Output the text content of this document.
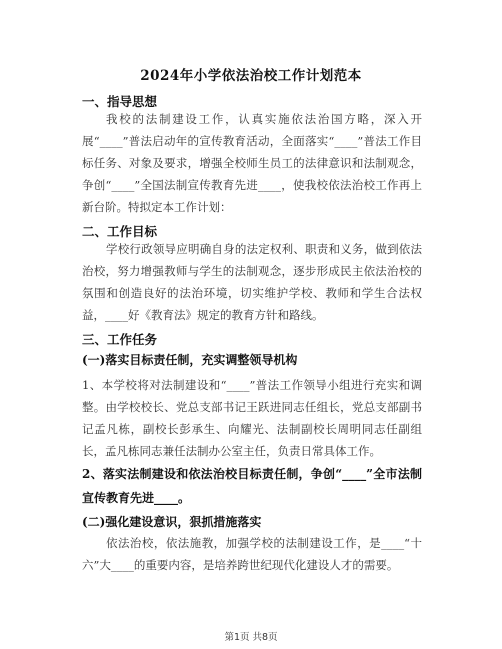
2024年小学依法治校工作计划范本
一、指导思想
我校的法制建设工作，认真实施依法治国方略，深入开展“____”普法启动年的宣传教育活动，全面落实“____”普法工作目标任务、对象及要求，增强全校师生员工的法律意识和法制观念，争创“____”全国法制宣传教育先进____，使我校依法治校工作再上新台阶。特拟定本工作计划：
二、工作目标
学校行政领导应明确自身的法定权利、职责和义务，做到依法治校，努力增强教师与学生的法制观念，逐步形成民主依法治校的氛围和创造良好的法治环境，切实维护学校、教师和学生合法权益，____好《教育法》规定的教育方针和路线。
三、工作任务
(一)落实目标责任制，充实调整领导机构
1、本学校将对法制建设和“____”普法工作领导小组进行充实和调整。由学校校长、党总支部书记王跃进同志任组长，党总支部副书记孟凡栋，副校长彭承生、向耀光、法制副校长周明同志任副组长，孟凡栋同志兼任法制办公室主任，负责日常具体工作。
2、落实法制建设和依法治校目标责任制，争创“____”全市法制宣传教育先进____。
(二)强化建设意识，狠抓措施落实
依法治校，依法施教，加强学校的法制建设工作，是____“十六”大____的重要内容，是培养跨世纪现代化建设人才的需要。
第1页 共8页
